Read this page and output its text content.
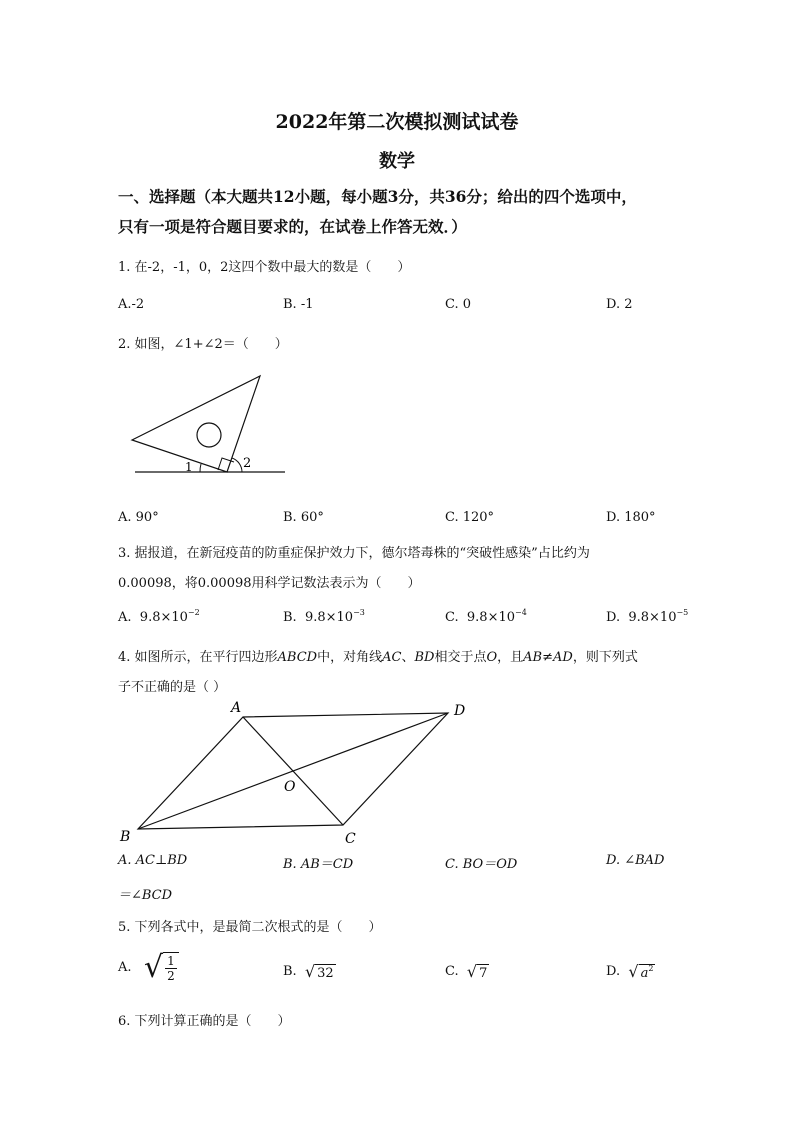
2022年第二次模拟测试试卷
数学
一、选择题（本大题共12小题，每小题3分，共36分；给出的四个选项中，
只有一项是符合题目要求的，在试卷上作答无效．）
1. 在-2，-1，0，2这四个数中最大的数是（　　）
A.-2	B. -1	C. 0	D. 2
2. 如图，∠1+∠2＝（　　）
1	2
A. 90°	B. 60°	C. 120°	D. 180°
3. 据报道，在新冠疫苗的防重症保护效力下，德尔塔毒株的“突破性感染”占比约为
0.00098，将0.00098用科学记数法表示为（　　）
A. $9.8\times 10^{-2}$	B. $9.8\times 10^{-3}$	C. $9.8\times 10^{-4}$	D. $9.8\times 10^{-5}$
4. 如图所示，在平行四边形ABCD中，对角线AC、BD相交于点O，且AB≠AD，则下列式
子不正确的是（ ）
A	D
B	C
O
A. AC⊥BD	B. AB＝CD	C. BO＝OD	D. ∠BAD
＝∠BCD
5. 下列各式中，是最简二次根式的是（　　）
A. √ $\frac{1}{2}$	B. √ 32	C. √ 7	D. √ $a^2$
6. 下列计算正确的是（　　）
